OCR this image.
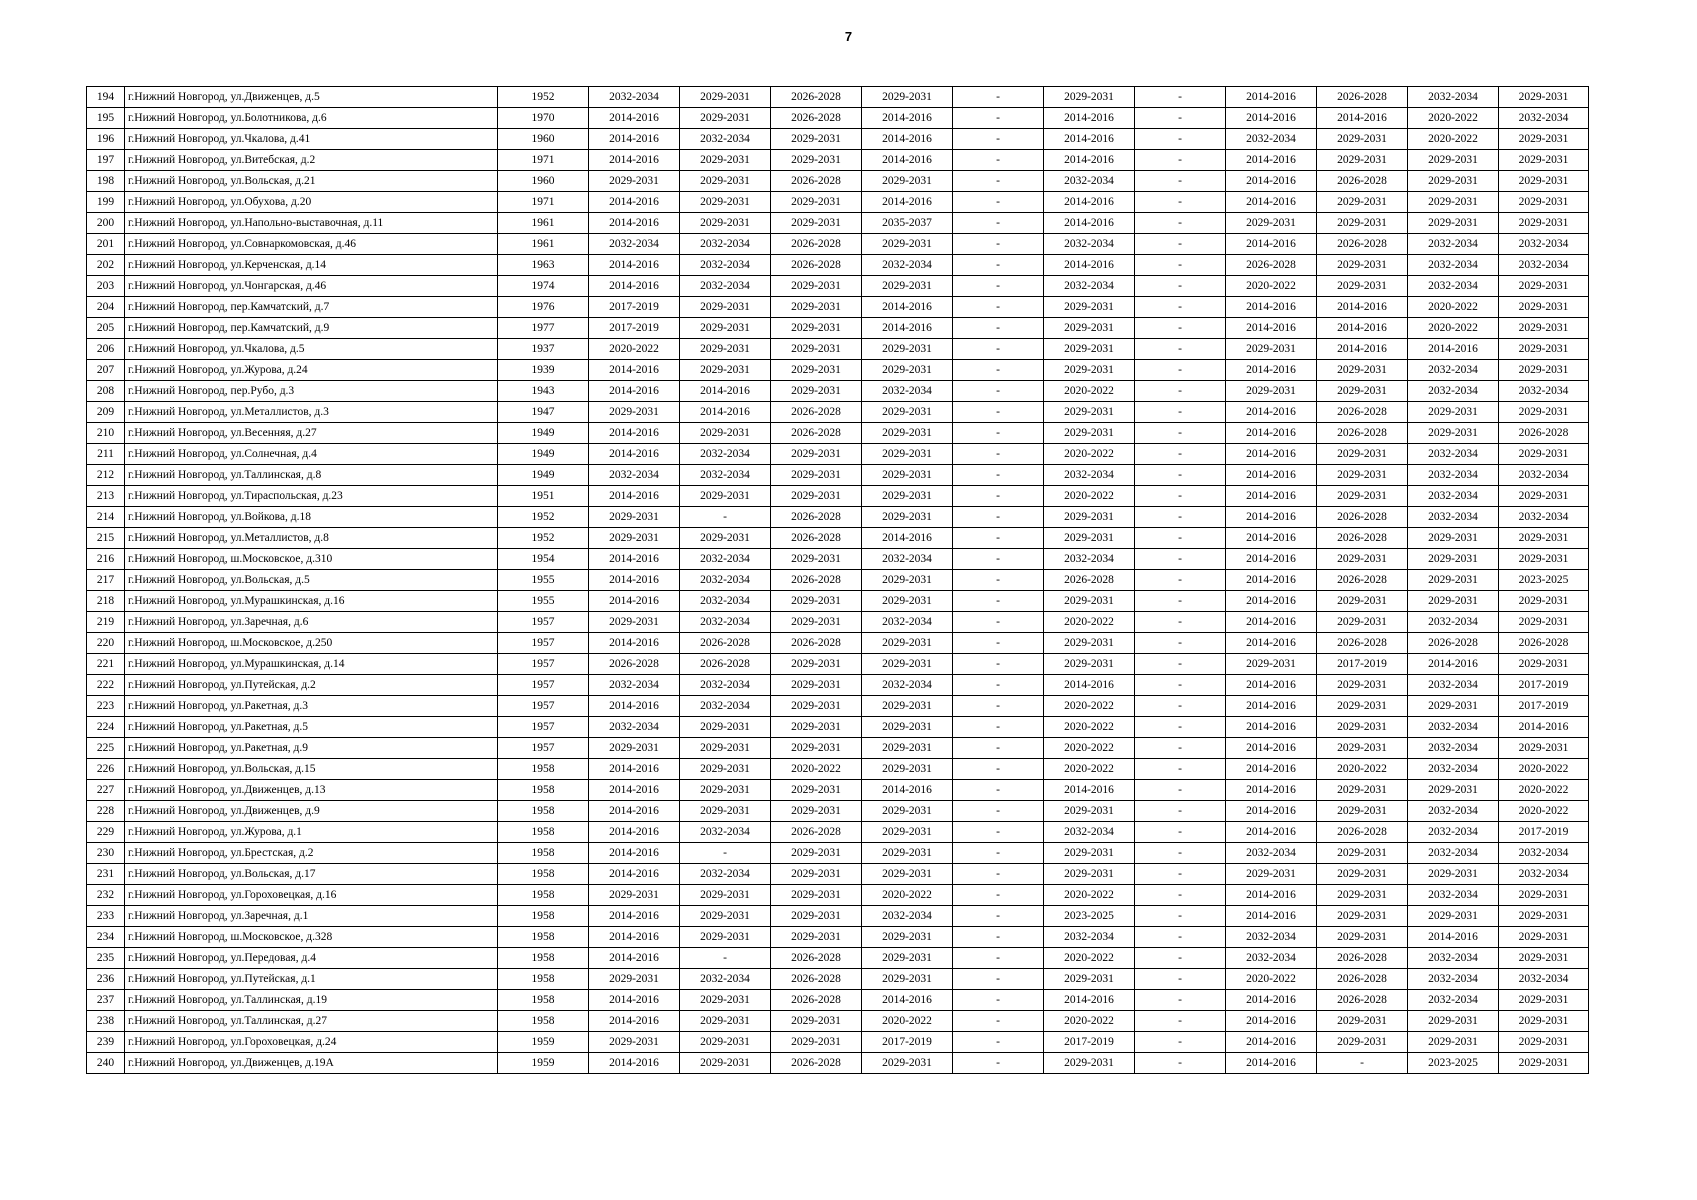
7
194	г.Нижний Новгород, ул.Движенцев, д.5	1952	2032-2034	2029-2031	2026-2028	2029-2031	-	2029-2031	-	2014-2016	2026-2028	2032-2034	2029-2031
195	г.Нижний Новгород, ул.Болотникова, д.6	1970	2014-2016	2029-2031	2026-2028	2014-2016	-	2014-2016	-	2014-2016	2014-2016	2020-2022	2032-2034
196	г.Нижний Новгород, ул.Чкалова, д.41	1960	2014-2016	2032-2034	2029-2031	2014-2016	-	2014-2016	-	2032-2034	2029-2031	2020-2022	2029-2031
197	г.Нижний Новгород, ул.Витебская, д.2	1971	2014-2016	2029-2031	2029-2031	2014-2016	-	2014-2016	-	2014-2016	2029-2031	2029-2031	2029-2031
198	г.Нижний Новгород, ул.Вольская, д.21	1960	2029-2031	2029-2031	2026-2028	2029-2031	-	2032-2034	-	2014-2016	2026-2028	2029-2031	2029-2031
199	г.Нижний Новгород, ул.Обухова, д.20	1971	2014-2016	2029-2031	2029-2031	2014-2016	-	2014-2016	-	2014-2016	2029-2031	2029-2031	2029-2031
200	г.Нижний Новгород, ул.Напольно-выставочная, д.11	1961	2014-2016	2029-2031	2029-2031	2035-2037	-	2014-2016	-	2029-2031	2029-2031	2029-2031	2029-2031
201	г.Нижний Новгород, ул.Совнаркомовская, д.46	1961	2032-2034	2032-2034	2026-2028	2029-2031	-	2032-2034	-	2014-2016	2026-2028	2032-2034	2032-2034
202	г.Нижний Новгород, ул.Керченская, д.14	1963	2014-2016	2032-2034	2026-2028	2032-2034	-	2014-2016	-	2026-2028	2029-2031	2032-2034	2032-2034
203	г.Нижний Новгород, ул.Чонгарская, д.46	1974	2014-2016	2032-2034	2029-2031	2029-2031	-	2032-2034	-	2020-2022	2029-2031	2032-2034	2029-2031
204	г.Нижний Новгород, пер.Камчатский, д.7	1976	2017-2019	2029-2031	2029-2031	2014-2016	-	2029-2031	-	2014-2016	2014-2016	2020-2022	2029-2031
205	г.Нижний Новгород, пер.Камчатский, д.9	1977	2017-2019	2029-2031	2029-2031	2014-2016	-	2029-2031	-	2014-2016	2014-2016	2020-2022	2029-2031
206	г.Нижний Новгород, ул.Чкалова, д.5	1937	2020-2022	2029-2031	2029-2031	2029-2031	-	2029-2031	-	2029-2031	2014-2016	2014-2016	2029-2031
207	г.Нижний Новгород, ул.Журова, д.24	1939	2014-2016	2029-2031	2029-2031	2029-2031	-	2029-2031	-	2014-2016	2029-2031	2032-2034	2029-2031
208	г.Нижний Новгород, пер.Рубо, д.3	1943	2014-2016	2014-2016	2029-2031	2032-2034	-	2020-2022	-	2029-2031	2029-2031	2032-2034	2032-2034
209	г.Нижний Новгород, ул.Металлистов, д.3	1947	2029-2031	2014-2016	2026-2028	2029-2031	-	2029-2031	-	2014-2016	2026-2028	2029-2031	2029-2031
210	г.Нижний Новгород, ул.Весенняя, д.27	1949	2014-2016	2029-2031	2026-2028	2029-2031	-	2029-2031	-	2014-2016	2026-2028	2029-2031	2026-2028
211	г.Нижний Новгород, ул.Солнечная, д.4	1949	2014-2016	2032-2034	2029-2031	2029-2031	-	2020-2022	-	2014-2016	2029-2031	2032-2034	2029-2031
212	г.Нижний Новгород, ул.Таллинская, д.8	1949	2032-2034	2032-2034	2029-2031	2029-2031	-	2032-2034	-	2014-2016	2029-2031	2032-2034	2032-2034
213	г.Нижний Новгород, ул.Тираспольская, д.23	1951	2014-2016	2029-2031	2029-2031	2029-2031	-	2020-2022	-	2014-2016	2029-2031	2032-2034	2029-2031
214	г.Нижний Новгород, ул.Войкова, д.18	1952	2029-2031	-	2026-2028	2029-2031	-	2029-2031	-	2014-2016	2026-2028	2032-2034	2032-2034
215	г.Нижний Новгород, ул.Металлистов, д.8	1952	2029-2031	2029-2031	2026-2028	2014-2016	-	2029-2031	-	2014-2016	2026-2028	2029-2031	2029-2031
216	г.Нижний Новгород, ш.Московское, д.310	1954	2014-2016	2032-2034	2029-2031	2032-2034	-	2032-2034	-	2014-2016	2029-2031	2029-2031	2029-2031
217	г.Нижний Новгород, ул.Вольская, д.5	1955	2014-2016	2032-2034	2026-2028	2029-2031	-	2026-2028	-	2014-2016	2026-2028	2029-2031	2023-2025
218	г.Нижний Новгород, ул.Мурашкинская, д.16	1955	2014-2016	2032-2034	2029-2031	2029-2031	-	2029-2031	-	2014-2016	2029-2031	2029-2031	2029-2031
219	г.Нижний Новгород, ул.Заречная, д.6	1957	2029-2031	2032-2034	2029-2031	2032-2034	-	2020-2022	-	2014-2016	2029-2031	2032-2034	2029-2031
220	г.Нижний Новгород, ш.Московское, д.250	1957	2014-2016	2026-2028	2026-2028	2029-2031	-	2029-2031	-	2014-2016	2026-2028	2026-2028	2026-2028
221	г.Нижний Новгород, ул.Мурашкинская, д.14	1957	2026-2028	2026-2028	2029-2031	2029-2031	-	2029-2031	-	2029-2031	2017-2019	2014-2016	2029-2031
222	г.Нижний Новгород, ул.Путейская, д.2	1957	2032-2034	2032-2034	2029-2031	2032-2034	-	2014-2016	-	2014-2016	2029-2031	2032-2034	2017-2019
223	г.Нижний Новгород, ул.Ракетная, д.3	1957	2014-2016	2032-2034	2029-2031	2029-2031	-	2020-2022	-	2014-2016	2029-2031	2029-2031	2017-2019
224	г.Нижний Новгород, ул.Ракетная, д.5	1957	2032-2034	2029-2031	2029-2031	2029-2031	-	2020-2022	-	2014-2016	2029-2031	2032-2034	2014-2016
225	г.Нижний Новгород, ул.Ракетная, д.9	1957	2029-2031	2029-2031	2029-2031	2029-2031	-	2020-2022	-	2014-2016	2029-2031	2032-2034	2029-2031
226	г.Нижний Новгород, ул.Вольская, д.15	1958	2014-2016	2029-2031	2020-2022	2029-2031	-	2020-2022	-	2014-2016	2020-2022	2032-2034	2020-2022
227	г.Нижний Новгород, ул.Движенцев, д.13	1958	2014-2016	2029-2031	2029-2031	2014-2016	-	2014-2016	-	2014-2016	2029-2031	2029-2031	2020-2022
228	г.Нижний Новгород, ул.Движенцев, д.9	1958	2014-2016	2029-2031	2029-2031	2029-2031	-	2029-2031	-	2014-2016	2029-2031	2032-2034	2020-2022
229	г.Нижний Новгород, ул.Журова, д.1	1958	2014-2016	2032-2034	2026-2028	2029-2031	-	2032-2034	-	2014-2016	2026-2028	2032-2034	2017-2019
230	г.Нижний Новгород, ул.Брестская, д.2	1958	2014-2016	-	2029-2031	2029-2031	-	2029-2031	-	2032-2034	2029-2031	2032-2034	2032-2034
231	г.Нижний Новгород, ул.Вольская, д.17	1958	2014-2016	2032-2034	2029-2031	2029-2031	-	2029-2031	-	2029-2031	2029-2031	2029-2031	2032-2034
232	г.Нижний Новгород, ул.Гороховецкая, д.16	1958	2029-2031	2029-2031	2029-2031	2020-2022	-	2020-2022	-	2014-2016	2029-2031	2032-2034	2029-2031
233	г.Нижний Новгород, ул.Заречная, д.1	1958	2014-2016	2029-2031	2029-2031	2032-2034	-	2023-2025	-	2014-2016	2029-2031	2029-2031	2029-2031
234	г.Нижний Новгород, ш.Московское, д.328	1958	2014-2016	2029-2031	2029-2031	2029-2031	-	2032-2034	-	2032-2034	2029-2031	2014-2016	2029-2031
235	г.Нижний Новгород, ул.Передовая, д.4	1958	2014-2016	-	2026-2028	2029-2031	-	2020-2022	-	2032-2034	2026-2028	2032-2034	2029-2031
236	г.Нижний Новгород, ул.Путейская, д.1	1958	2029-2031	2032-2034	2026-2028	2029-2031	-	2029-2031	-	2020-2022	2026-2028	2032-2034	2032-2034
237	г.Нижний Новгород, ул.Таллинская, д.19	1958	2014-2016	2029-2031	2026-2028	2014-2016	-	2014-2016	-	2014-2016	2026-2028	2032-2034	2029-2031
238	г.Нижний Новгород, ул.Таллинская, д.27	1958	2014-2016	2029-2031	2029-2031	2020-2022	-	2020-2022	-	2014-2016	2029-2031	2029-2031	2029-2031
239	г.Нижний Новгород, ул.Гороховецкая, д.24	1959	2029-2031	2029-2031	2029-2031	2017-2019	-	2017-2019	-	2014-2016	2029-2031	2029-2031	2029-2031
240	г.Нижний Новгород, ул.Движенцев, д.19А	1959	2014-2016	2029-2031	2026-2028	2029-2031	-	2029-2031	-	2014-2016	-	2023-2025	2029-2031
